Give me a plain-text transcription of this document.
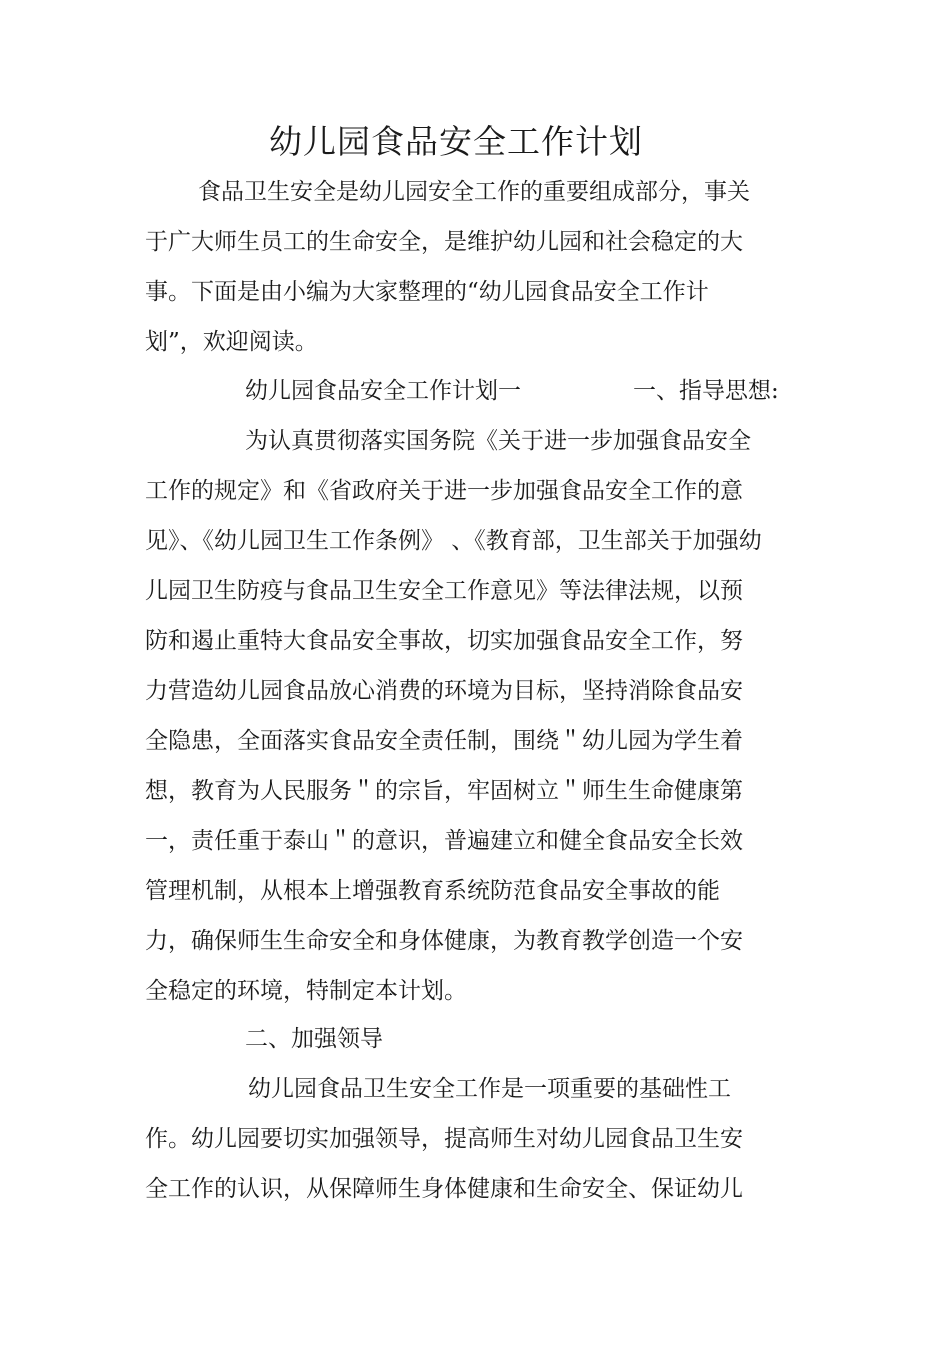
幼儿园食品安全工作计划
食品卫生安全是幼儿园安全工作的重要组成部分，事关
于广大师生员工的生命安全，是维护幼儿园和社会稳定的大
事。下面是由小编为大家整理的“幼儿园食品安全工作计
划”，欢迎阅读。
幼儿园食品安全工作计划一	一、指导思想:
为认真贯彻落实国务院《关于进一步加强食品安全
工作的规定》和《省政府关于进一步加强食品安全工作的意
见》、《幼儿园卫生工作条例》 、《教育部，卫生部关于加强幼
儿园卫生防疫与食品卫生安全工作意见》等法律法规，以预
防和遏止重特大食品安全事故，切实加强食品安全工作，努
力营造幼儿园食品放心消费的环境为目标，坚持消除食品安
全隐患，全面落实食品安全责任制，围绕＂幼儿园为学生着
想，教育为人民服务＂的宗旨，牢固树立＂师生生命健康第
一，责任重于泰山＂的意识，普遍建立和健全食品安全长效
管理机制，从根本上增强教育系统防范食品安全事故的能
力，确保师生生命安全和身体健康，为教育教学创造一个安
全稳定的环境，特制定本计划。
二、加强领导
幼儿园食品卫生安全工作是一项重要的基础性工
作。幼儿园要切实加强领导，提高师生对幼儿园食品卫生安
全工作的认识，从保障师生身体健康和生命安全、保证幼儿
